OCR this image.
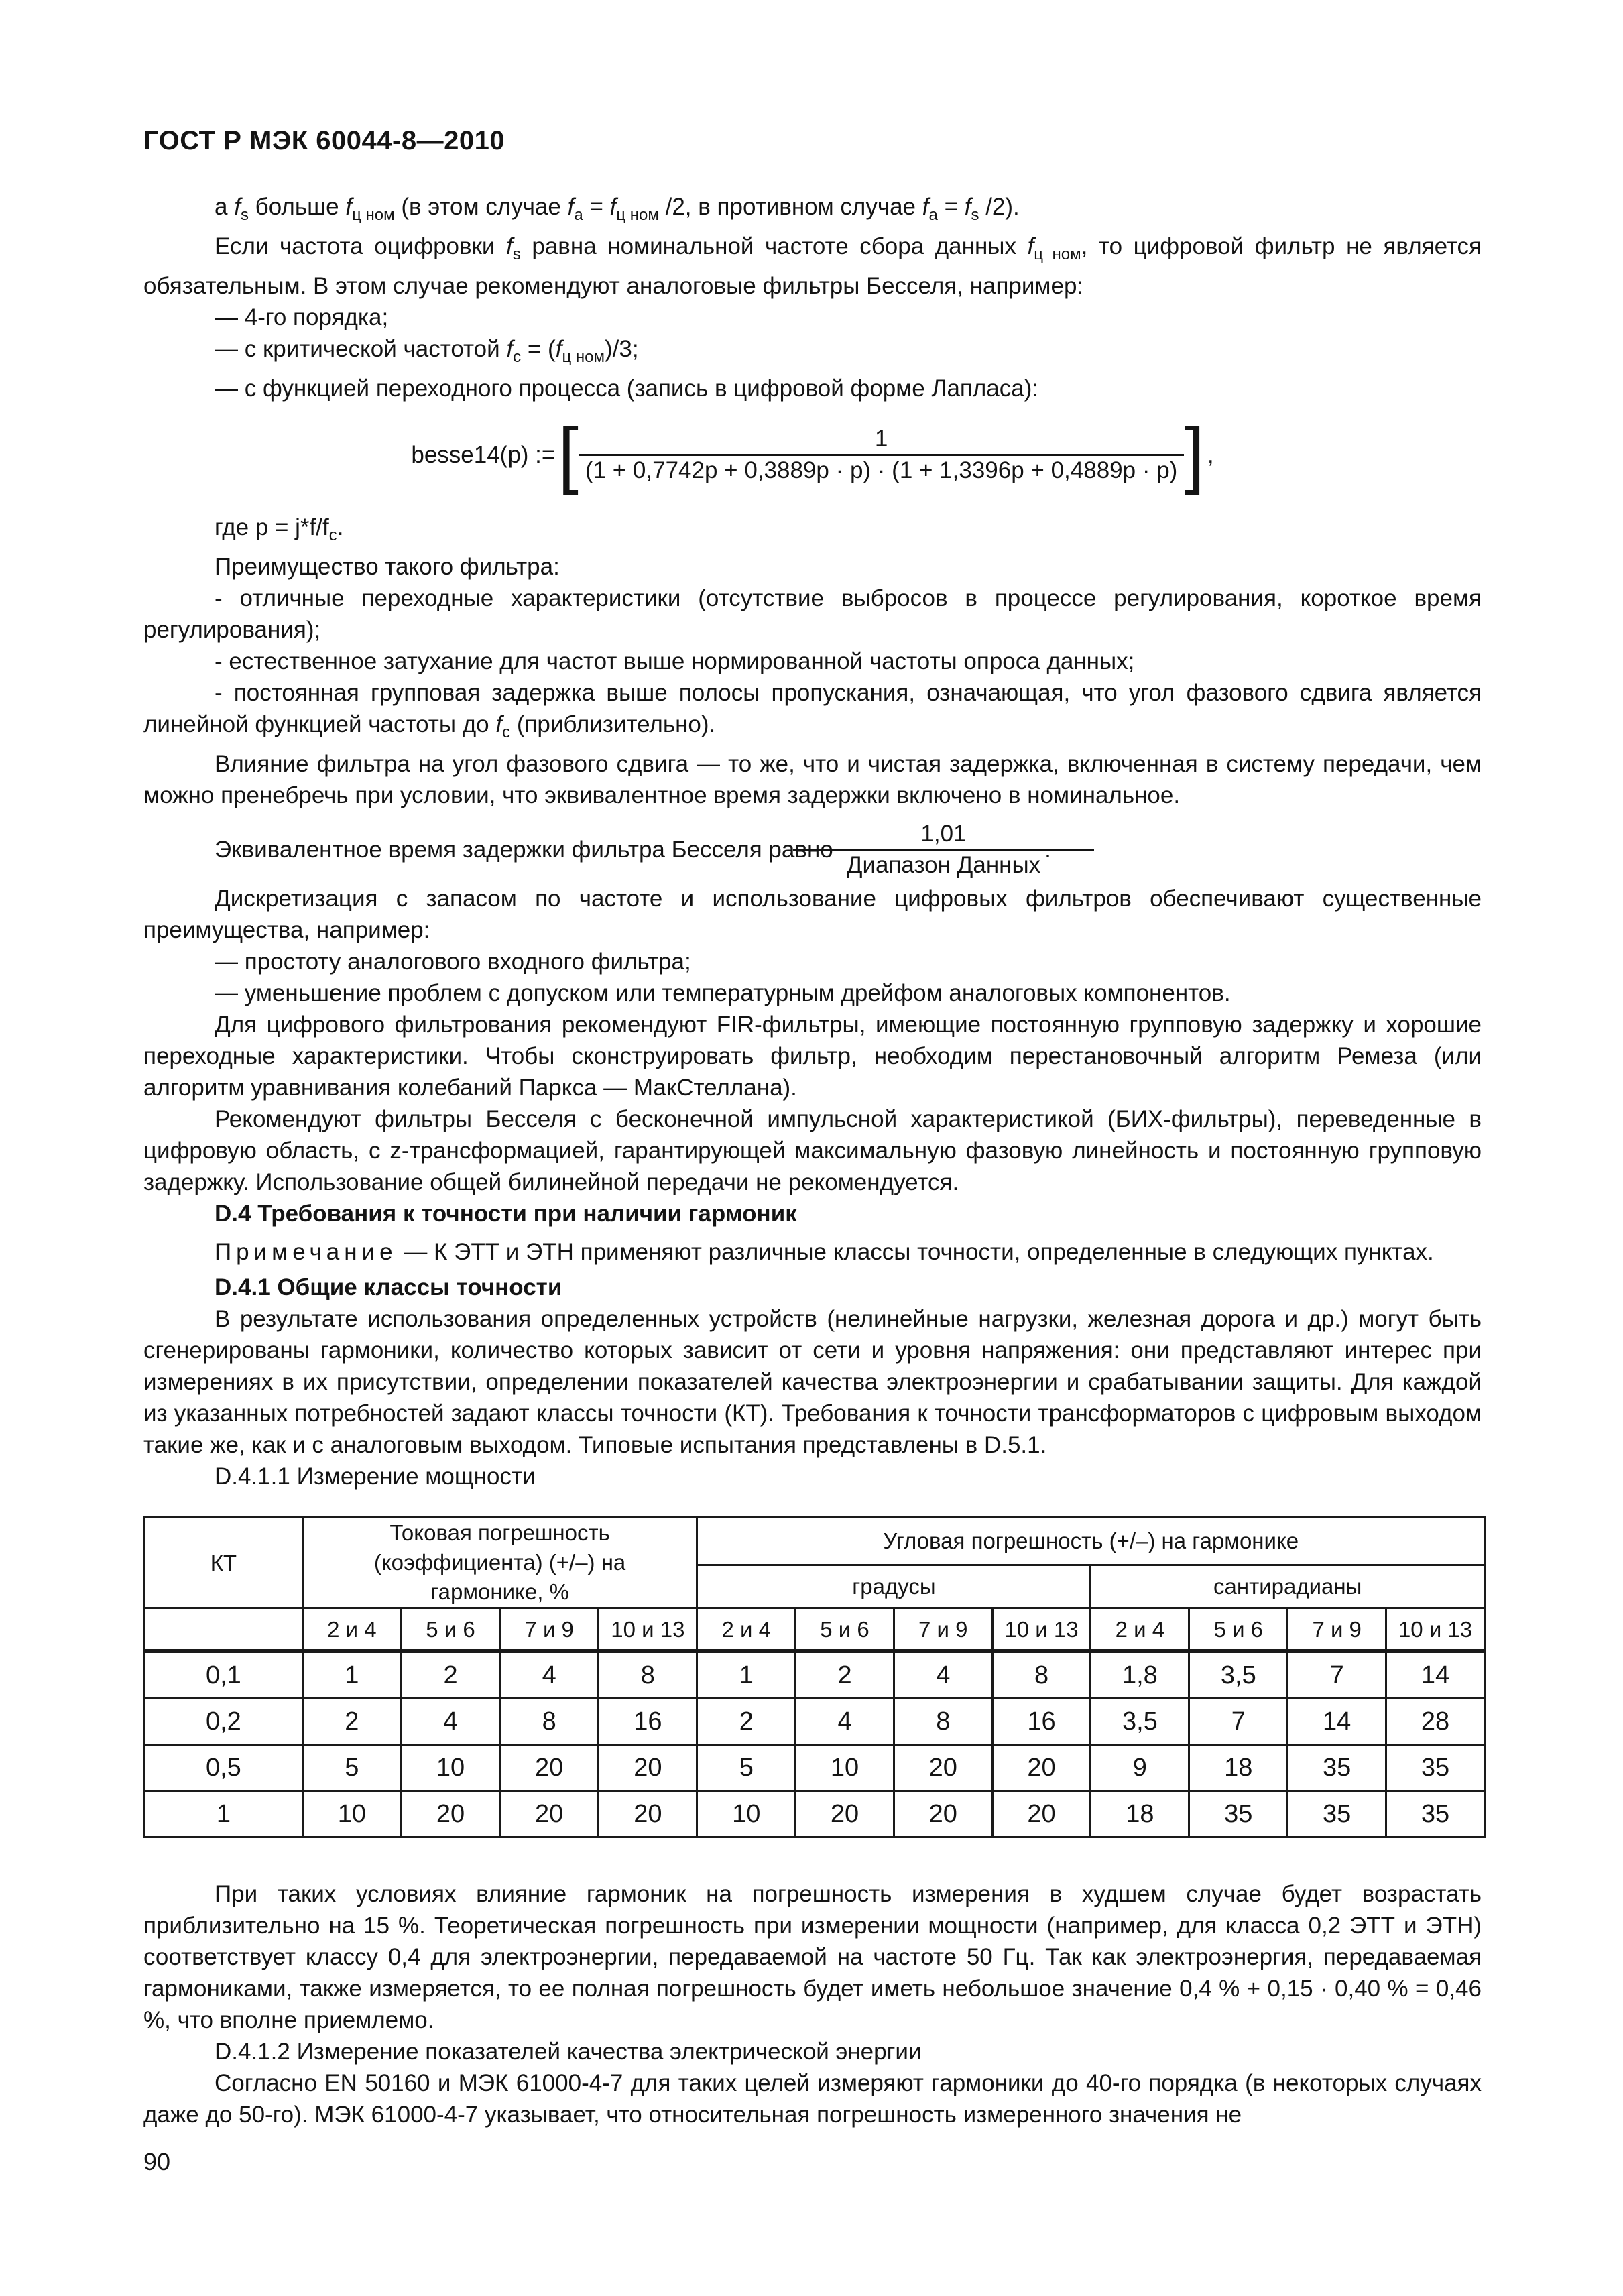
ГОСТ Р МЭК 60044-8—2010

a $f_s$ больше $f_{ц ном}$ (в этом случае $f_a = f_{ц ном}$ /2, в противном случае $f_a = f_s$ /2).

Если частота оцифровки $f_s$ равна номинальной частоте сбора данных $f_{ц ном}$, то цифровой фильтр не является обязательным. В этом случае рекомендуют аналоговые фильтры Бесселя, например:

— 4-го порядка;

— с критической частотой $f_c = (f_{ц ном})/3$;

— с функцией переходного процесса (запись в цифровой форме Лапласа):

besse14(p) := [ $\frac{1}{(1 + 0,7742p + 0,3889p \cdot p) \cdot (1 + 1,3396p + 0,4889p \cdot p)}$ ] ,

где $p = j*f/f_c$.

Преимущество такого фильтра:

- отличные переходные характеристики (отсутствие выбросов в процессе регулирования, короткое время регулирования);

- естественное затухание для частот выше нормированной частоты опроса данных;

- постоянная групповая задержка выше полосы пропускания, означающая, что угол фазового сдвига является линейной функцией частоты до $f_c$ (приблизительно).

Влияние фильтра на угол фазового сдвига — то же, что и чистая задержка, включенная в систему передачи, чем можно пренебречь при условии, что эквивалентное время задержки включено в номинальное.

Эквивалентное время задержки фильтра Бесселя равно $\frac{1,01}{\text{Диапазон Данных}}$ .

Дискретизация с запасом по частоте и использование цифровых фильтров обеспечивают существенные преимущества, например:

— простоту аналогового входного фильтра;

— уменьшение проблем с допуском или температурным дрейфом аналоговых компонентов.

Для цифрового фильтрования рекомендуют FIR-фильтры, имеющие постоянную групповую задержку и хорошие переходные характеристики. Чтобы сконструировать фильтр, необходим перестановочный алгоритм Ремеза (или алгоритм уравнивания колебаний Паркса — МакСтеллана).

Рекомендуют фильтры Бесселя с бесконечной импульсной характеристикой (БИХ-фильтры), переведенные в цифровую область, с z-трансформацией, гарантирующей максимальную фазовую линейность и постоянную групповую задержку. Использование общей билинейной передачи не рекомендуется.

D.4 Требования к точности при наличии гармоник

Примечание — К ЭТТ и ЭТН применяют различные классы точности, определенные в следующих пунктах.

D.4.1 Общие классы точности

В результате использования определенных устройств (нелинейные нагрузки, железная дорога и др.) могут быть сгенерированы гармоники, количество которых зависит от сети и уровня напряжения: они представляют интерес при измерениях в их присутствии, определении показателей качества электроэнергии и срабатывании защиты. Для каждой из указанных потребностей задают классы точности (КТ). Требования к точности трансформаторов с цифровым выходом такие же, как и с аналоговым выходом. Типовые испытания представлены в D.5.1.

D.4.1.1 Измерение мощности

КТ	Токовая погрешность (коэффициента) (+/–) на гармонике, %				Угловая погрешность (+/–) на гармонике							
					градусы				сантирадианы			
	2 и 4	5 и 6	7 и 9	10 и 13	2 и 4	5 и 6	7 и 9	10 и 13	2 и 4	5 и 6	7 и 9	10 и 13
0,1	1	2	4	8	1	2	4	8	1,8	3,5	7	14
0,2	2	4	8	16	2	4	8	16	3,5	7	14	28
0,5	5	10	20	20	5	10	20	20	9	18	35	35
1	10	20	20	20	10	20	20	20	18	35	35	35

При таких условиях влияние гармоник на погрешность измерения в худшем случае будет возрастать приблизительно на 15 %. Теоретическая погрешность при измерении мощности (например, для класса 0,2 ЭТТ и ЭТН) соответствует классу 0,4 для электроэнергии, передаваемой на частоте 50 Гц. Так как электроэнергия, передаваемая гармониками, также измеряется, то ее полная погрешность будет иметь небольшое значение 0,4 % + 0,15 · 0,40 % = 0,46 %, что вполне приемлемо.

D.4.1.2 Измерение показателей качества электрической энергии

Согласно EN 50160 и МЭК 61000-4-7 для таких целей измеряют гармоники до 40-го порядка (в некоторых случаях даже до 50-го). МЭК 61000-4-7 указывает, что относительная погрешность измеренного значения не

90
